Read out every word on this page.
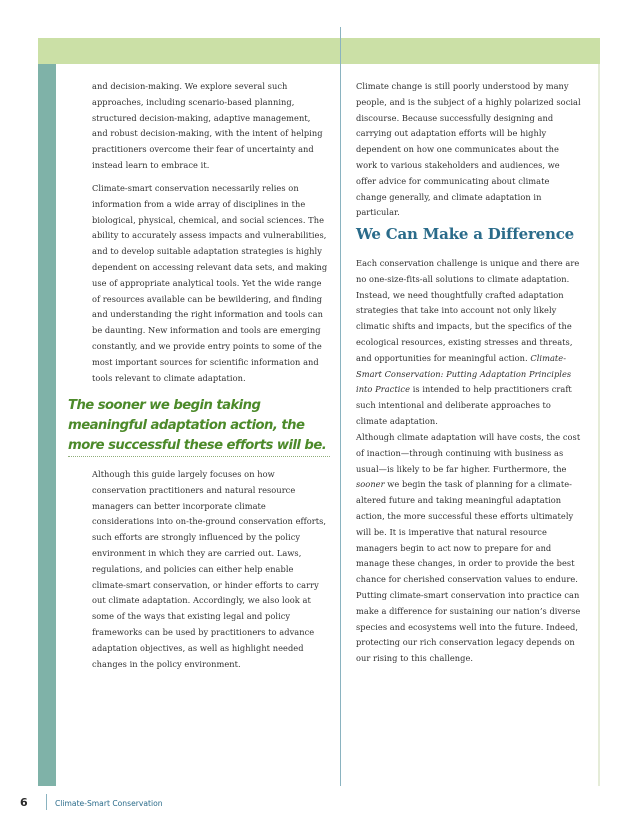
and decision-making. We explore several such approaches, including scenario-based planning, structured decision-making, adaptive management, and robust decision-making, with the intent of helping practitioners overcome their fear of uncertainty and instead learn to embrace it.

Climate-smart conservation necessarily relies on information from a wide array of disciplines in the biological, physical, chemical, and social sciences. The ability to accurately assess impacts and vulnerabilities, and to develop suitable adaptation strategies is highly dependent on accessing relevant data sets, and making use of appropriate analytical tools. Yet the wide range of resources available can be bewildering, and finding and understanding the right information and tools can be daunting. New information and tools are emerging constantly, and we provide entry points to some of the most important sources for scientific information and tools relevant to climate adaptation.

The sooner we begin taking meaningful adaptation action, the more successful these efforts will be.

Although this guide largely focuses on how conservation practitioners and natural resource managers can better incorporate climate considerations into on-the-ground conservation efforts, such efforts are strongly influenced by the policy environment in which they are carried out. Laws, regulations, and policies can either help enable climate-smart conservation, or hinder efforts to carry out climate adaptation. Accordingly, we also look at some of the ways that existing legal and policy frameworks can be used by practitioners to advance adaptation objectives, as well as highlight needed changes in the policy environment.

Climate change is still poorly understood by many people, and is the subject of a highly polarized social discourse. Because successfully designing and carrying out adaptation efforts will be highly dependent on how one communicates about the work to various stakeholders and audiences, we offer advice for communicating about climate change generally, and climate adaptation in particular.

We Can Make a Difference

Each conservation challenge is unique and there are no one-size-fits-all solutions to climate adaptation. Instead, we need thoughtfully crafted adaptation strategies that take into account not only likely climatic shifts and impacts, but the specifics of the ecological resources, existing stresses and threats, and opportunities for meaningful action. Climate-Smart Conservation: Putting Adaptation Principles into Practice is intended to help practitioners craft such intentional and deliberate approaches to climate adaptation.

Although climate adaptation will have costs, the cost of inaction—through continuing with business as usual—is likely to be far higher. Furthermore, the sooner we begin the task of planning for a climate-altered future and taking meaningful adaptation action, the more successful these efforts ultimately will be. It is imperative that natural resource managers begin to act now to prepare for and manage these changes, in order to provide the best chance for cherished conservation values to endure. Putting climate-smart conservation into practice can make a difference for sustaining our nation’s diverse species and ecosystems well into the future. Indeed, protecting our rich conservation legacy depends on our rising to this challenge.

6	Climate-Smart Conservation
